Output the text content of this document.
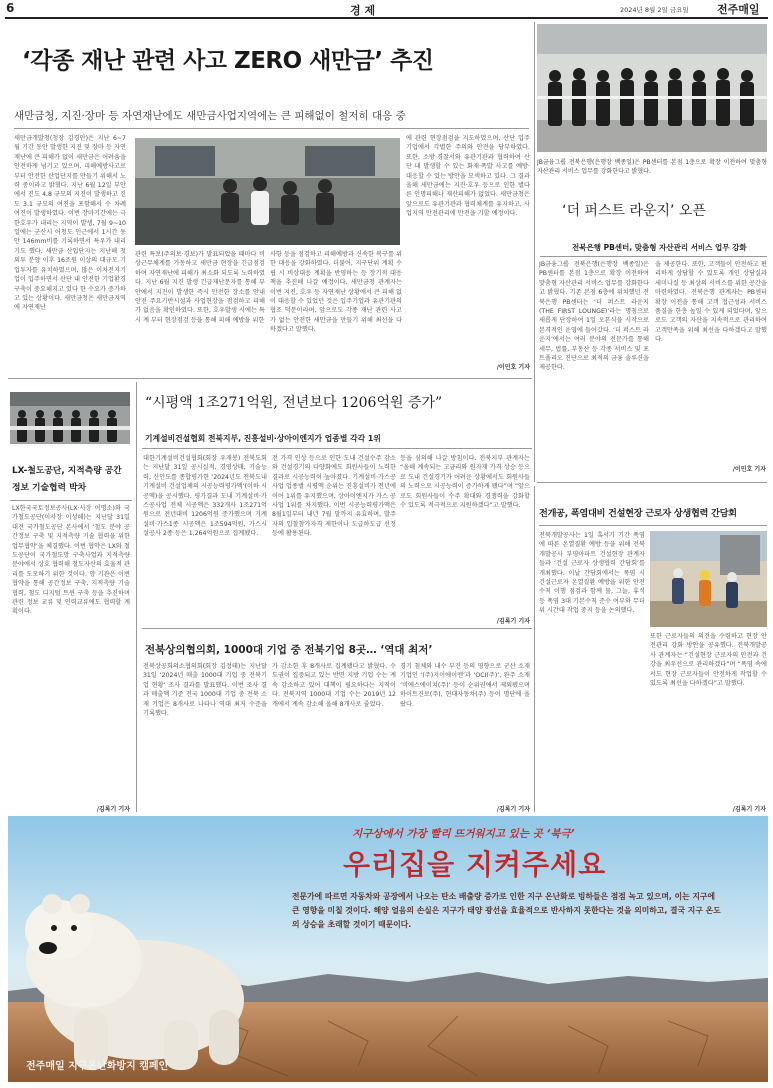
6	경 제	2024년 8월 2일 금요일	전주매일
‘각종 재난 관련 사고 ZERO 새만금’ 추진
새만금청, 지진·장마 등 자연재난에도 새만금사업지역에는 큰 피해없이 철저히 대응 중
새만금개발청(청장 김경안)은 지난 6~7월 기간 동안 발생한 지진 및 장마 등 자연 재난에 큰 피해가 없이 새만금은 어려움을 안전하게 넘기고 있으며, 피해예방사고로 부터 안전한 산업단지를 만들기 위해서 노력 중이라고 밝혔다. 지난 6월 12일 부안에서 진도 4.8 규모의 지진이 발생하고 진도 3.1 규모의 여진을 포함해서 수 차례 여진이 발생하였다. 이번 장마기간에는 극한호우가 내리는 지역이 발생, 7월 9~10일에는 군산시 어청도 인근에서 1시간 동안 146mm비를 기록하면서 특우가 내리기도 했다. 새만금 산업단지는 지난해 첫 외투 분양 이후 16조원 이상의 대규모 기업투자를 유치하였으며, 많은 이차전지기업이 입주하면서 산단 내 안전한 기업환경 구축이 중요해지고 있다 한 수요가 증가하고 있는 상황이다. 새만금청은 새만금지역에 자연재난
관련 특보(주의보·경보)가 발표되었을 때마다 비상근무체계를 가동하고 새만금 현장을 긴급점검하여 자연재난에 피해가 최소화 되도록 노력하였다. 지난 6월 지진 발생 긴급재난문자를 통해 부안에서 지진이 발생한 즉시 안전한 장소를 안내 안전 주요기반시설과 사업현장을 점검하고 피해가 없음을 확인하였다. 또한, 호우발생 시에는 특시 계 부터 현장점검 등을 통해 피해 예방을 위한
사항 등을 점검하고 피해예방과 신속한 복구를 위한 대응을 강화하였다. 더불어, 지구단위 계획 수립 시 비상대응 계획을 반영하는 등 장기적 대응책을 추진해 나갈 예정이다. 새만금청 관계자는 이번 지진, 호우 등 자연재난 상황에서 큰 피해 없이 대응할 수 있었던 것은 입주기업과 유관기관의 협조 덕분이라며, 앞으로도 각종 재난 관련 사고가 없는 안전한 새만금을 만들기 위해 최선을 다하겠다고 말했다.
에 관련 현장점검을 지도하였으며, 산단 입주기업에서 각별한 주의와 안전을 당부하였다. 또한, 소방·경찰서와 유관기관과 협력하여 산단 내 발생할 수 있는 화재·폭발 사고를 예방·대응할 수 있는 방안을 모색하고 있다. 그 결과 올해 새만금에는 지진·호우 등으로 인한 별다른 인명피해나 재산피해가 없었다. 새만금청은 앞으로도 유관기관과 협력체계를 유지하고, 사업지역 안전관리에 만전을 기할 예정이다.
/이민호 기자
JB금융그룹 전북은행(은행장 백종일)은 PB센터를 본점 1층으로 확장 이전하여 맞춤형 자산관리 서비스 업무를 강화한다고 밝혔다.
‘더 퍼스트 라운지’ 오픈
전북은행 PB센터, 맞춤형 자산관리 서비스 업무 강화
JB금융그룹 전북은행(은행장 백종일)은 PB센터를 본점 1층으로 확장 이전하여 맞춤형 자산관리 서비스 업무를 강화한다고 밝혔다. 기존 본점 6층에 위치했던 전북은행 PB센터는 ‘더 퍼스트 라운지(THE FIRST LOUNGE)’라는 명칭으로 새롭게 단장하여 1일 오픈식을 시작으로 본격적인 운영에 들어갔다. ‘더 퍼스트 라운지’에서는 여러 분야의 전문가를 통해 세무, 법률, 부동산 등 각종 서비스 및 포트폴리오 진단으로 최적의 금융 솔루션을 제공한다.
을 제공한다. 또한, 고객들이 안전하고 편리하게 상담할 수 있도록 개인 상담실과 세미나실 등 최상의 서비스를 위한 공간을 마련하였다. 전북은행 관계자는 PB센터 확장 이전을 통해 고객 접근성과 서비스 품질을 한층 높일 수 있게 되었다며, 앞으로도 고객의 자산을 지속적으로 관리하여 고객만족을 위해 최선을 다하겠다고 말했다.
/이민호 기자
LX-철도공단, 지적측량 공간정보 기술협력 박차
LX한국국토정보공사(LX·사장 어명소)와 국가철도공단(이사장 이성해)는 지난달 31일 대전 국가철도공단 본사에서 ‘철도 분야 공간정보 구축 및 지적측량 기술 협력을 위한 업무협약’을 체결했다. 이번 협약은 LX와 철도공단이 국가철도망 구축사업과 지적측량 분야에서 상호 협력해 철도자산의 효율적 관리를 도모하기 위한 것이다. 양 기관은 이번 협약을 통해 공간정보 구축, 지적측량 기술협력, 철도 디지털 트윈 구축 등을 추진하며 관련 정보 교류 및 인력교류에도 협력할 계획이다.
/김록기 기자
“시평액 1조271억원, 전년보다 1206억원 증가”
기계설비건설협회 전북지부, 진흥설비·상아이엔지가 업종별 각각 1위
대한기계설비건설협회(회장 우재봉) 전북도회는 지난달 31일 공시실적, 경영상태, 기술능력, 신인도를 종합평가한 ‘2024년도 전북도내 기계설비 건설업체의 시공능력평가액’(이하 시공액)을 공시했다. 평가결과 도내 기계설비·가스공사업 전체 시공액은 332개사 1조271억원으로 전년대비 1206억원 증가했으며 기계설비·가스1종 시공액은 1조594억원, 가스시설공사 2종 등은 1,264억원으로 집계됐다.
전 가격 인상 등으로 인한 도내 건설수주 감소와 건설경기의 다양화에도 회원사들이 노력한 결과로 시공능력이 높아졌다. 기계설비·가스공사업 업종별 시평액 순위는 진흥설비가 전년에 이어 1위를 유지했으며, 상아이엔지가 가스 공사업 1위를 차지했다. 이번 시공능력평가액은 8월1일부터 내년 7월 말까지 유효하며, 발주자의 입찰참가자격 제한이나 도급하도급 선정 등에 활용된다.
등을 심의해 나갈 방침이다. 전북지부 관계자는 “올해 계속되는 고금리와 원자재 가격 상승 등으로 도내 건설경기가 어려운 상황에서도 회원사들의 노력으로 시공능력이 증가하게 됐다”며 “앞으로도 회원사들이 수주 확대와 경쟁력을 강화할 수 있도록 적극적으로 지원하겠다”고 말했다.
/김록기 기자
전북상의협의회, 1000대 기업 중 전북기업 8곳… ‘역대 최저’
전북상공회의소협의회(회장 김정태)는 지난달 31일 ‘2024년 매출 1000대 기업 중 전북기업 현황’ 조사 결과를 발표했다. 이번 조사 결과 매출액 기준 전국 1000대 기업 중 전북 소재 기업은 8개사로 나타나 역대 최저 수준을 기록했다.
가 감소한 후 8개사로 집계됐다고 밝혔다. 수도권이 집중되고 있는 반면 지방 기업 수는 계속 감소하고 있어 대책이 필요하다는 지적이다. 전북지역 1000대 기업 수는 2019년 12개에서 계속 감소해 올해 8개사로 줄었다.
경기 침체와 내수 부진 등의 영향으로 군산 소재 기업인 ‘(주)지이에이엔’과 ‘OCI(주)’, 완주 소재 ‘비에스에이치(주)’ 등이 순위권에서 제외됐으며 하이트진로(주), 현대자동차(주) 등이 명단에 올랐다.
/김록기 기자
전개공, 폭염대비 건설현장 근로자 상생협력 간담회
전북개발공사는 1일 혹서기 기간 폭염에 따른 온열질환 예방 등을 위해 전북개발공사 부영아파트 건설현장 관계자들과 ‘건설 근로자 상생협력 간담회’를 개최했다. 이날 간담회에서는 폭염 시 건설근로자 온열질환 예방을 위한 안전 수칙 이행 점검과 함께 물, 그늘, 휴식 등 폭염 3대 기본수칙 준수 여부와 무더위 시간대 작업 중지 등을 논의했다.
또한 근로자들의 의견을 수렴하고 현장 안전관리 강화 방안을 공유했다. 전북개발공사 관계자는 “건설현장 근로자의 안전과 건강을 최우선으로 관리하겠다”며 “폭염 속에서도 현장 근로자들이 안전하게 작업할 수 있도록 최선을 다하겠다”고 말했다.
/김록기 기자
지구상에서 가장 빨리 뜨거워지고 있는 곳 ‘북극’
우리집을 지켜주세요
전문가에 따르면 자동차와 공장에서 나오는 탄소 배출량 증가로 인한 지구 온난화로 빙하들은 점점 녹고 있으며, 이는 지구에 큰 영향을 미칠 것이다. 해양 얼음의 손실은 지구가 태양 광선을 효율적으로 반사하지 못한다는 것을 의미하고, 결국 지구 온도의 상승을 초래할 것이기 때문이다.
전주매일 지구온난화방지 캠페인
